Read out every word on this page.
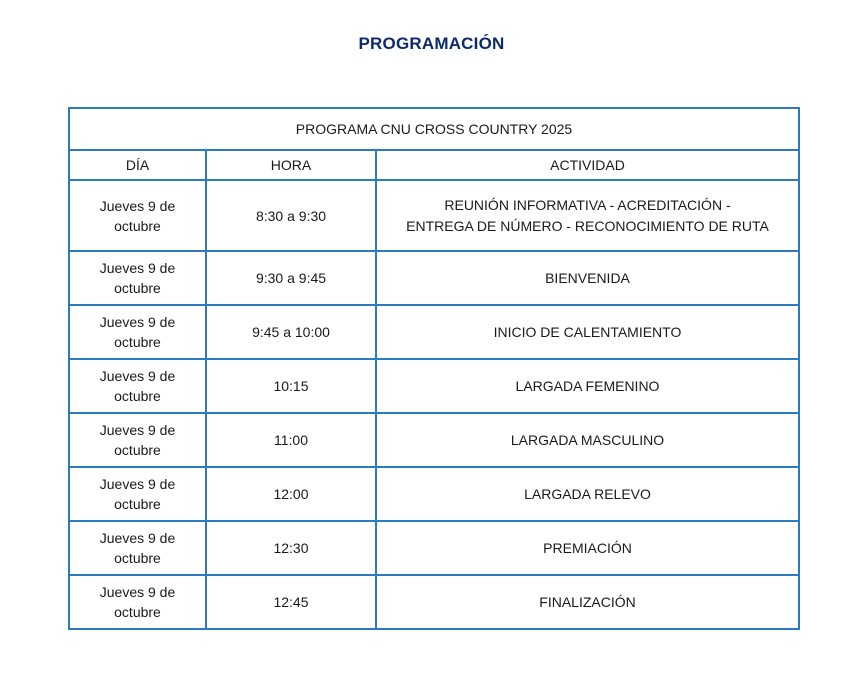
PROGRAMACIÓN
PROGRAMA CNU CROSS COUNTRY 2025		
DÍA	HORA	ACTIVIDAD
Jueves 9 de octubre	8:30 a 9:30	REUNIÓN INFORMATIVA - ACREDITACIÓN -
ENTREGA DE NÚMERO - RECONOCIMIENTO DE RUTA

Jueves 9 de octubre	9:30 a 9:45	BIENVENIDA
Jueves 9 de octubre	9:45 a 10:00	INICIO DE CALENTAMIENTO
Jueves 9 de octubre	10:15	LARGADA FEMENINO
Jueves 9 de octubre	11:00	LARGADA MASCULINO
Jueves 9 de octubre	12:00	LARGADA RELEVO
Jueves 9 de octubre	12:30	PREMIACIÓN
Jueves 9 de octubre	12:45	FINALIZACIÓN
